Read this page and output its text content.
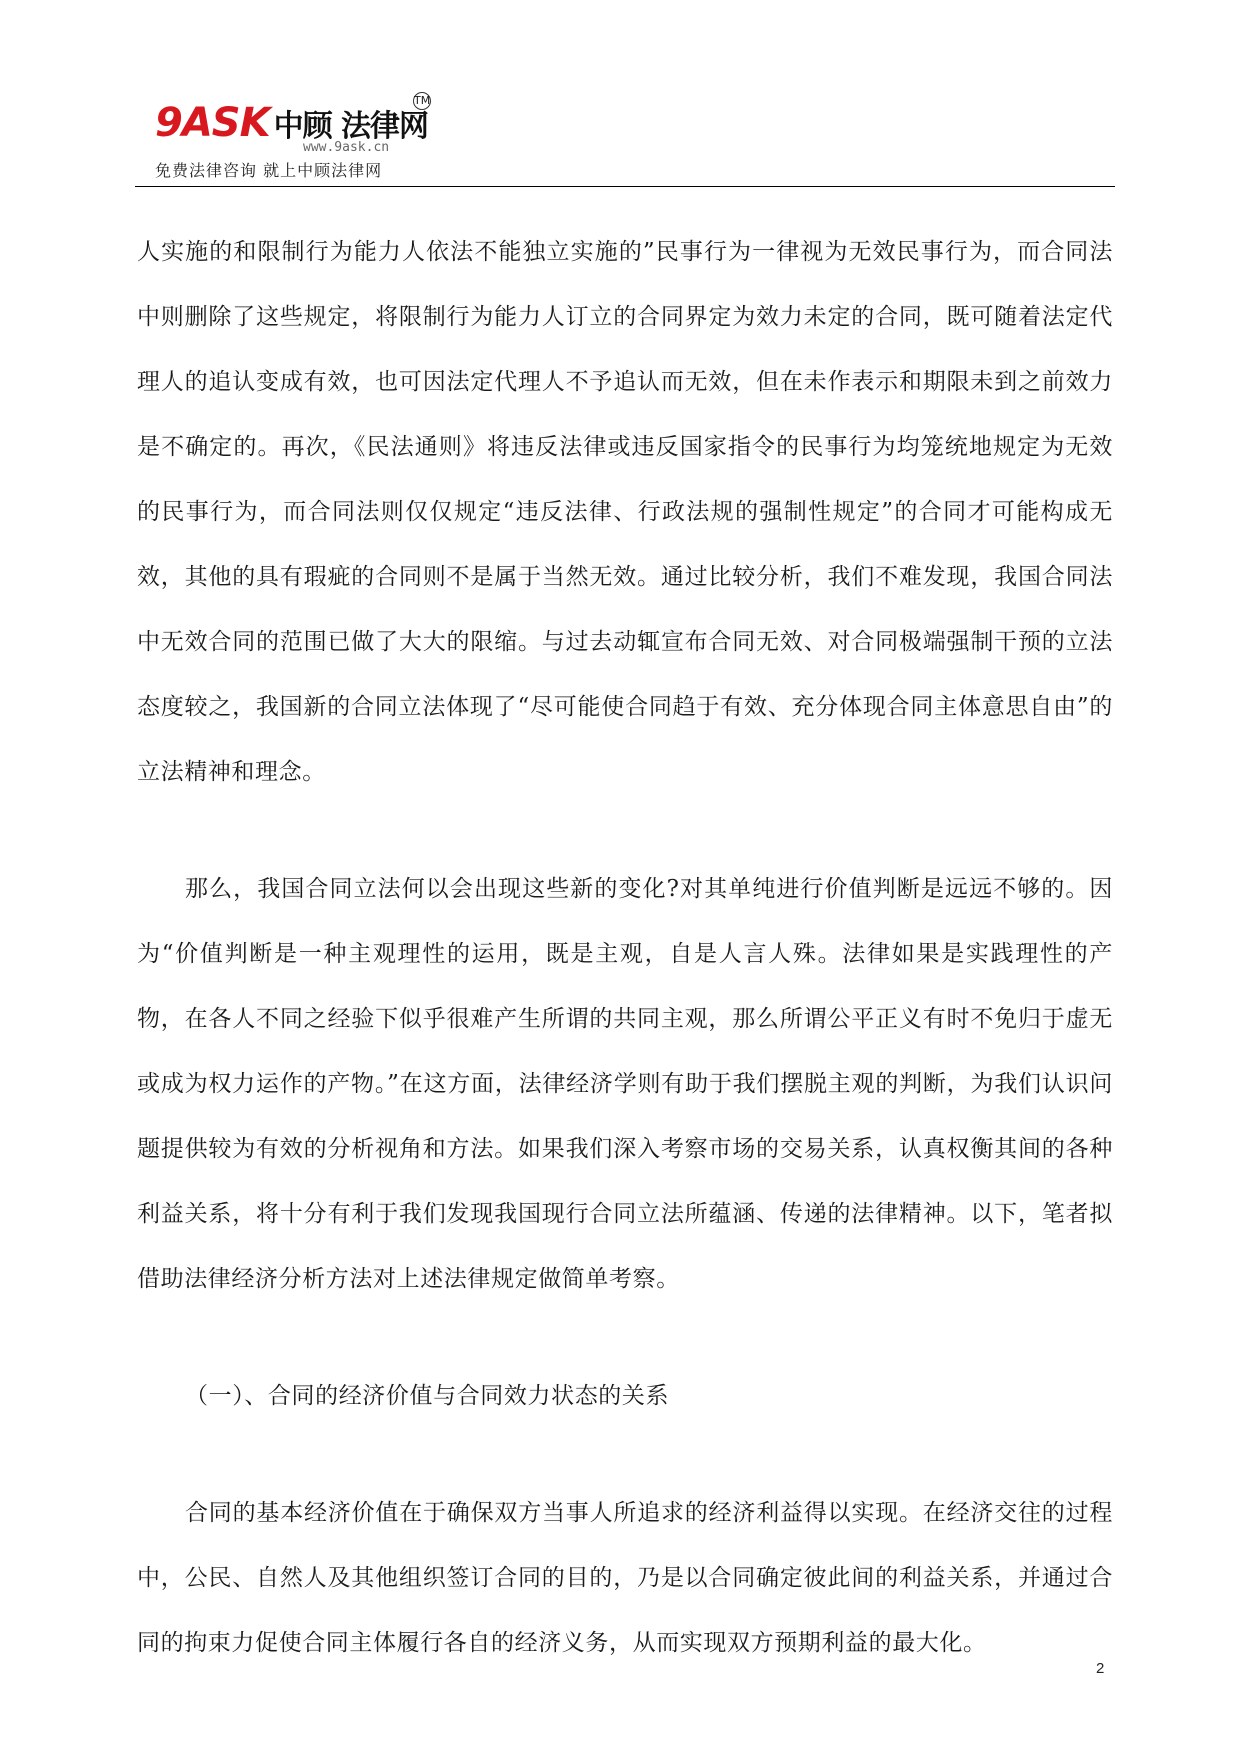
9ASK 中顾 法律网
TM
www.9ask.cn
免费法律咨询 就上中顾法律网

人实施的和限制行为能力人依法不能独立实施的”民事行为一律视为无效民事行为，而合同法中则删除了这些规定，将限制行为能力人订立的合同界定为效力未定的合同，既可随着法定代理人的追认变成有效，也可因法定代理人不予追认而无效，但在未作表示和期限未到之前效力是不确定的。再次，《民法通则》将违反法律或违反国家指令的民事行为均笼统地规定为无效的民事行为，而合同法则仅仅规定“违反法律、行政法规的强制性规定”的合同才可能构成无效，其他的具有瑕疵的合同则不是属于当然无效。通过比较分析，我们不难发现，我国合同法中无效合同的范围已做了大大的限缩。与过去动辄宣布合同无效、对合同极端强制干预的立法态度较之，我国新的合同立法体现了“尽可能使合同趋于有效、充分体现合同主体意思自由”的立法精神和理念。

那么，我国合同立法何以会出现这些新的变化?对其单纯进行价值判断是远远不够的。因为“价值判断是一种主观理性的运用，既是主观，自是人言人殊。法律如果是实践理性的产物，在各人不同之经验下似乎很难产生所谓的共同主观，那么所谓公平正义有时不免归于虚无或成为权力运作的产物。”在这方面，法律经济学则有助于我们摆脱主观的判断，为我们认识问题提供较为有效的分析视角和方法。如果我们深入考察市场的交易关系，认真权衡其间的各种利益关系，将十分有利于我们发现我国现行合同立法所蕴涵、传递的法律精神。以下，笔者拟借助法律经济分析方法对上述法律规定做简单考察。

（一）、合同的经济价值与合同效力状态的关系

合同的基本经济价值在于确保双方当事人所追求的经济利益得以实现。在经济交往的过程中，公民、自然人及其他组织签订合同的目的，乃是以合同确定彼此间的利益关系，并通过合同的拘束力促使合同主体履行各自的经济义务，从而实现双方预期利益的最大化。

2
